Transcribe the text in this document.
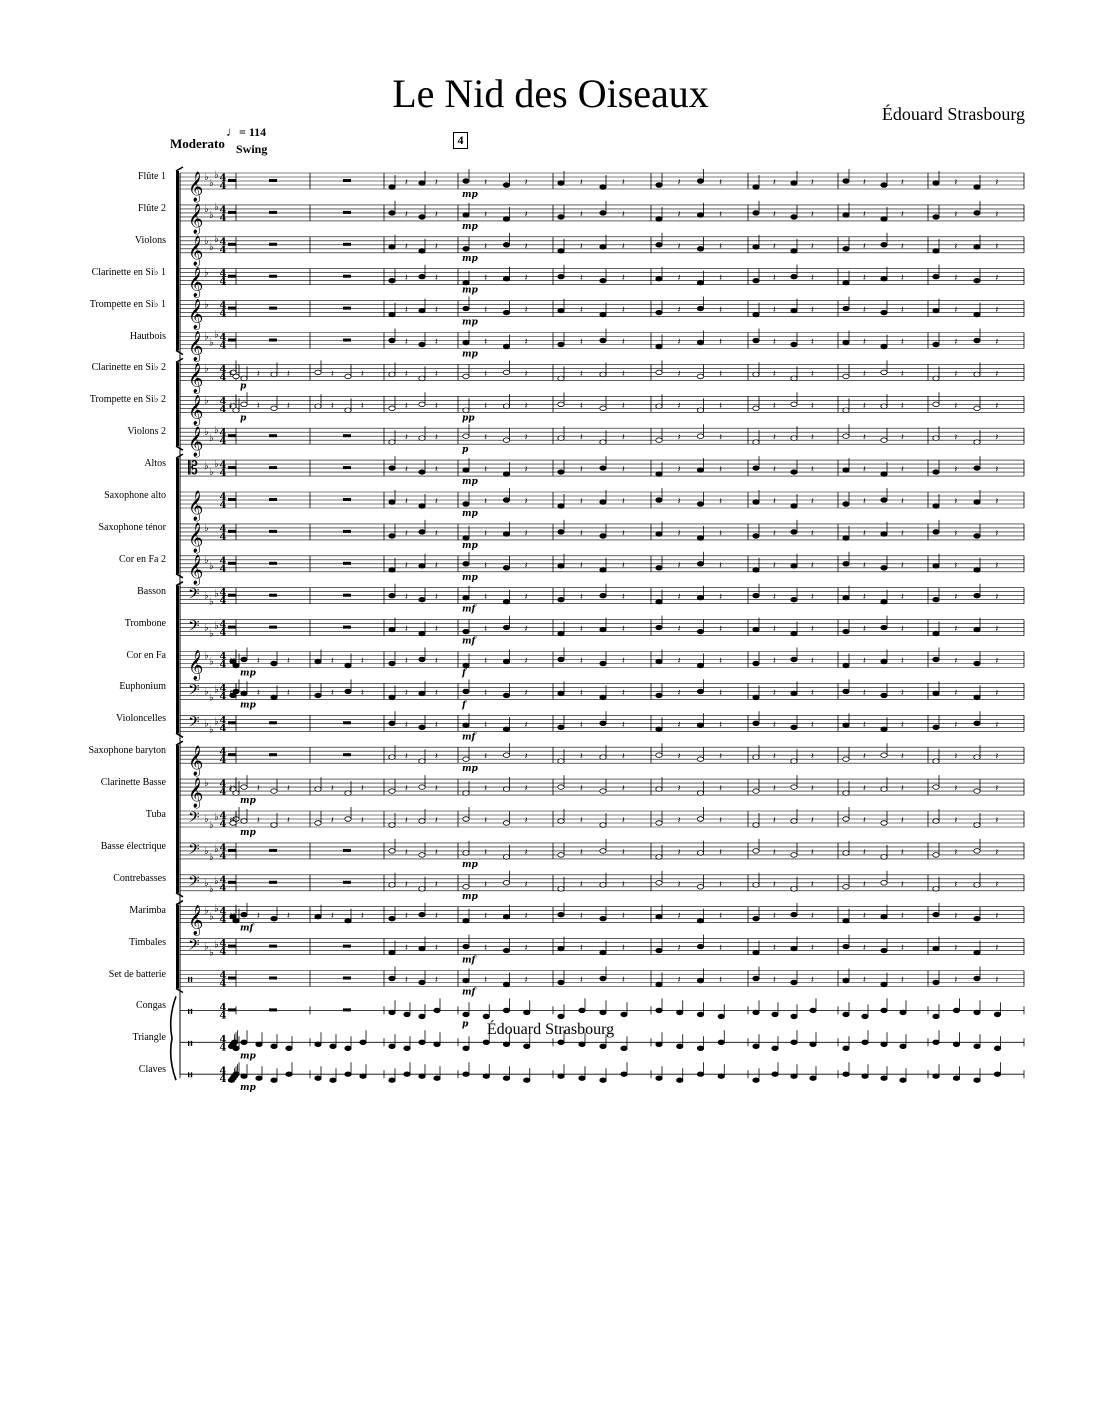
Le Nid des Oiseaux	Édouard Strasbourg
Moderato
♩= 114
Swing
4
Flûte 1
Flûte 2
Violons
Clarinette en Si♭ 1
Trompette en Si♭ 1
Hautbois
Clarinette en Si♭ 2
Trompette en Si♭ 2
Violons 2
Altos
Saxophone alto
Saxophone ténor
Cor en Fa 2
Basson
Trombone
Cor en Fa
Euphonium
Violoncelles
Saxophone baryton
Clarinette Basse
Tuba
Basse électrique
Contrebasses
Marimba
Timbales
Set de batterie
Congas
Triangle
Claves
𝄞 ♭
♭
♭ 4
4	𝄽	𝄽	𝄽	𝄽	𝄽	𝄽	𝄽	𝄽	𝄽	𝄽	𝄽	𝄽	𝄽	𝄽
mp
𝄞 ♭
♭
♭ 4
4	𝄽	𝄽	𝄽	𝄽	𝄽	𝄽	𝄽	𝄽	𝄽	𝄽	𝄽	𝄽	𝄽	𝄽
mp
𝄞 ♭
♭
♭ 4
4	𝄽	𝄽	𝄽	𝄽	𝄽	𝄽	𝄽	𝄽	𝄽	𝄽	𝄽	𝄽	𝄽	𝄽
mp
𝄞 ♭ 4
4	𝄽	𝄽	𝄽	𝄽	𝄽	𝄽	𝄽	𝄽	𝄽	𝄽	𝄽	𝄽	𝄽	𝄽
mp
𝄞 ♭ 4
4	𝄽	𝄽	𝄽	𝄽	𝄽	𝄽	𝄽	𝄽	𝄽	𝄽	𝄽	𝄽	𝄽	𝄽
mp
𝄞 ♭
♭
♭ 4
4	𝄽	𝄽	𝄽	𝄽	𝄽	𝄽	𝄽	𝄽	𝄽	𝄽	𝄽	𝄽	𝄽	𝄽
mp
𝄞 ♭ 4
4 𝄽	𝄽	𝄽	𝄽	𝄽	𝄽	𝄽	𝄽	𝄽	𝄽	𝄽	𝄽	𝄽	𝄽	𝄽	𝄽	𝄽	𝄽	𝄽
p
𝄞 ♭ 4
4 𝄽	𝄽	𝄽	𝄽	𝄽	𝄽	𝄽	𝄽	𝄽	𝄽	𝄽	𝄽	𝄽	𝄽	𝄽	𝄽	𝄽	𝄽	𝄽
p	pp
𝄞 ♭
♭
♭ 4
4	𝄽	𝄽	𝄽	𝄽	𝄽	𝄽	𝄽	𝄽	𝄽	𝄽	𝄽	𝄽	𝄽	𝄽
p
𝄡 ♭
♭
♭ 4
4	𝄽	𝄽	𝄽	𝄽	𝄽	𝄽	𝄽	𝄽	𝄽	𝄽	𝄽	𝄽	𝄽	𝄽
mp
𝄞 4
4	𝄽	𝄽	𝄽	𝄽	𝄽	𝄽	𝄽	𝄽	𝄽	𝄽	𝄽	𝄽	𝄽	𝄽
mp
𝄞 ♭ 4
4	𝄽	𝄽	𝄽	𝄽	𝄽	𝄽	𝄽	𝄽	𝄽	𝄽	𝄽	𝄽	𝄽	𝄽
mp
𝄞 ♭
♭ 4
4	𝄽	𝄽	𝄽	𝄽	𝄽	𝄽	𝄽	𝄽	𝄽	𝄽	𝄽	𝄽	𝄽	𝄽
mp
𝄢 ♭
♭
♭ 4
4	𝄽	𝄽	𝄽	𝄽	𝄽	𝄽	𝄽	𝄽	𝄽	𝄽	𝄽	𝄽	𝄽	𝄽
mf
𝄢 ♭
♭
♭ 4
4	𝄽	𝄽	𝄽	𝄽	𝄽	𝄽	𝄽	𝄽	𝄽	𝄽	𝄽	𝄽	𝄽	𝄽
mf
𝄞 ♭
♭ 4
4 𝄽	𝄽	𝄽	𝄽	𝄽	𝄽	𝄽	𝄽	𝄽	𝄽	𝄽	𝄽	𝄽	𝄽	𝄽	𝄽	𝄽	𝄽	𝄽
mp	f
𝄢 ♭
♭
♭ 4
4 𝄽	𝄽	𝄽	𝄽	𝄽	𝄽	𝄽	𝄽	𝄽	𝄽	𝄽	𝄽	𝄽	𝄽	𝄽	𝄽	𝄽	𝄽	𝄽
mp	f
𝄢 ♭
♭
♭ 4
4	𝄽	𝄽	𝄽	𝄽	𝄽	𝄽	𝄽	𝄽	𝄽	𝄽	𝄽	𝄽	𝄽	𝄽
mf
𝄞 4
4	𝄽	𝄽	𝄽	𝄽	𝄽	𝄽	𝄽	𝄽	𝄽	𝄽	𝄽	𝄽	𝄽	𝄽
mp
𝄞 ♭ 4
4 𝄽	𝄽	𝄽	𝄽	𝄽	𝄽	𝄽	𝄽	𝄽	𝄽	𝄽	𝄽	𝄽	𝄽	𝄽	𝄽	𝄽	𝄽	𝄽
mp
𝄢 ♭
♭
♭ 4
4 𝄽	𝄽	𝄽	𝄽	𝄽	𝄽	𝄽	𝄽	𝄽	𝄽	𝄽	𝄽	𝄽	𝄽	𝄽	𝄽	𝄽	𝄽	𝄽
mp
𝄢 ♭
♭
♭ 4
4	𝄽	𝄽	𝄽	𝄽	𝄽	𝄽	𝄽	𝄽	𝄽	𝄽	𝄽	𝄽	𝄽	𝄽
mp
𝄢 ♭
♭
♭ 4
4	𝄽	𝄽	𝄽	𝄽	𝄽	𝄽	𝄽	𝄽	𝄽	𝄽	𝄽	𝄽	𝄽	𝄽
mp
𝄞 ♭
♭
♭ 4
4 𝄽	𝄽	𝄽	𝄽	𝄽	𝄽	𝄽	𝄽	𝄽	𝄽	𝄽	𝄽	𝄽	𝄽	𝄽	𝄽	𝄽	𝄽	𝄽
mf
𝄢 ♭
♭
♭ 4
4	𝄽	𝄽	𝄽	𝄽	𝄽	𝄽	𝄽	𝄽	𝄽	𝄽	𝄽	𝄽	𝄽	𝄽
mf
𝄥	4
4	𝄽	𝄽	𝄽	𝄽	𝄽	𝄽	𝄽	𝄽	𝄽	𝄽	𝄽	𝄽	𝄽	𝄽
mf
𝄥	4
4
p
𝄥	4
4
mp
𝄥	4
4
mp
Édouard Strasbourg
